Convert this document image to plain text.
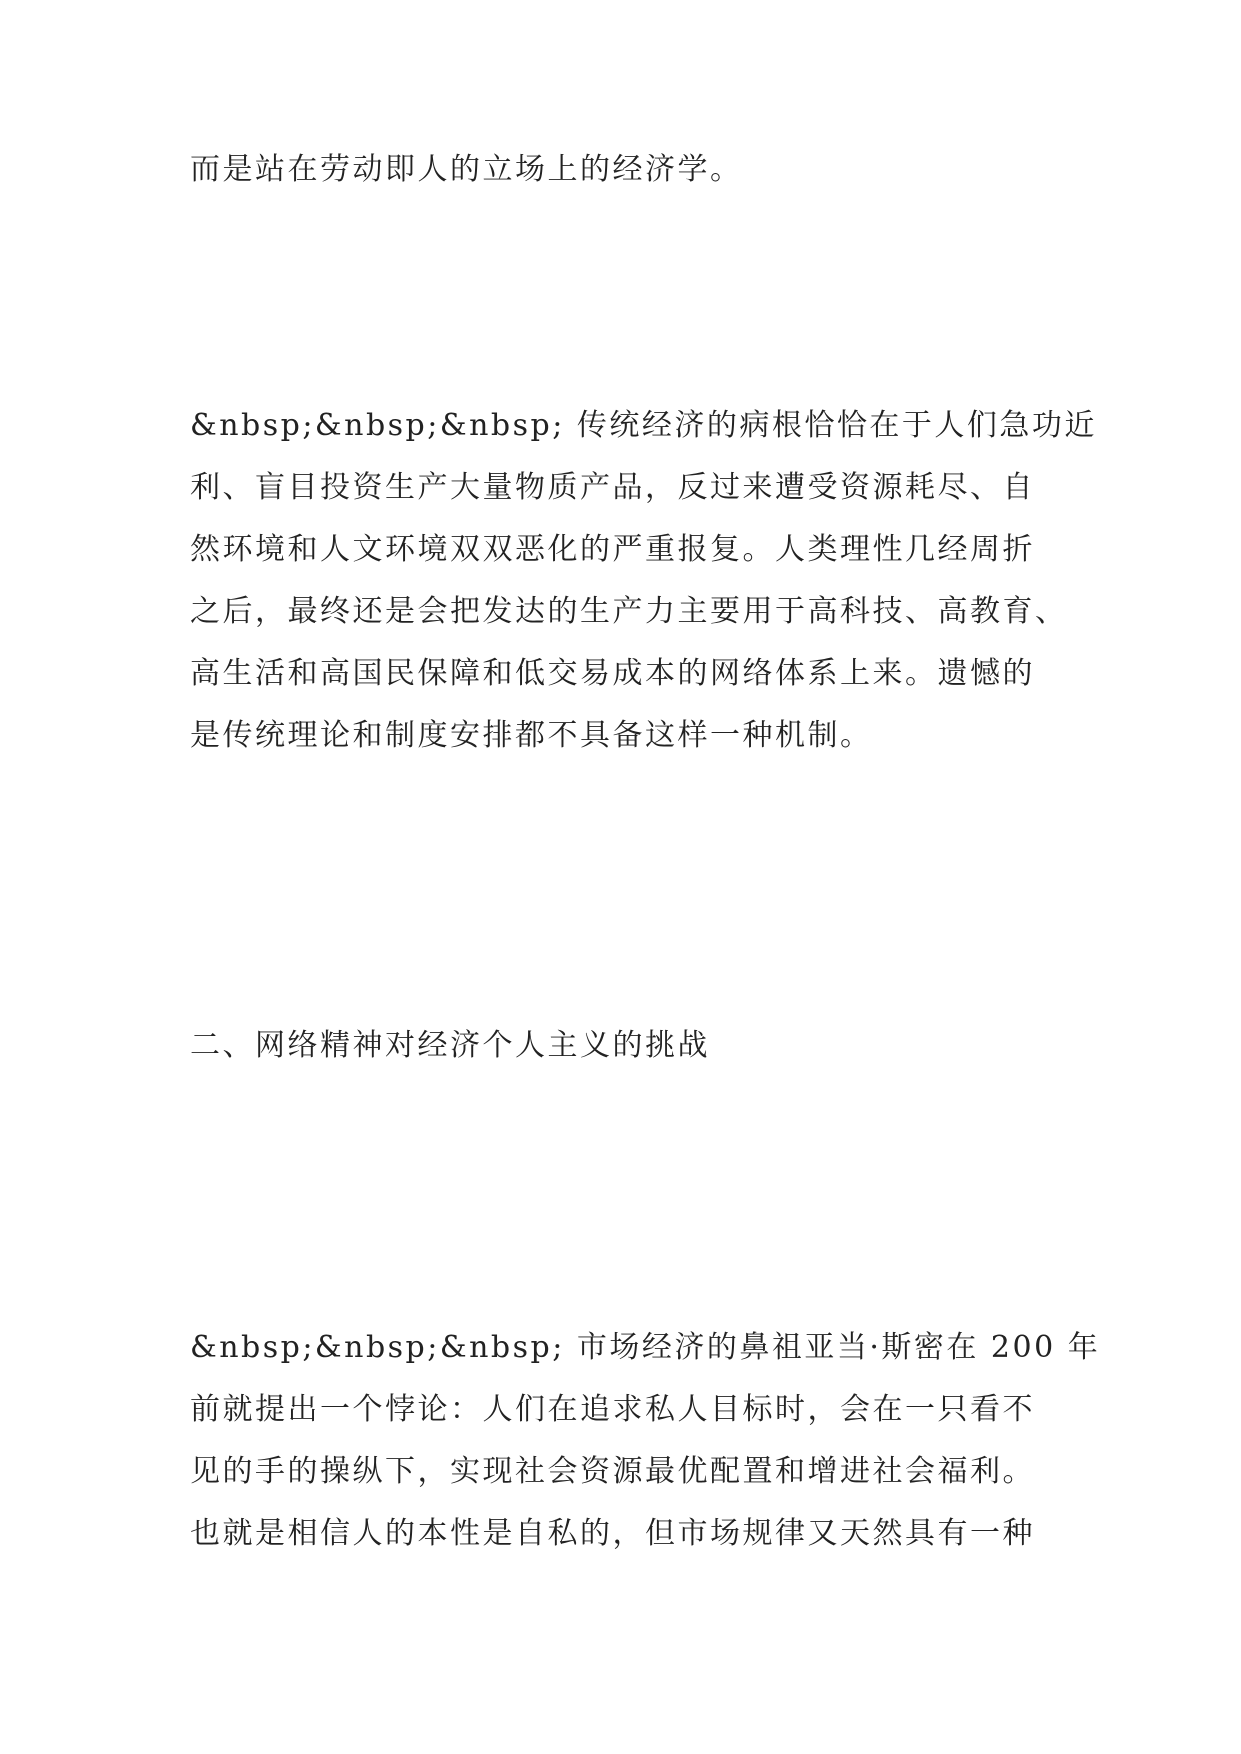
而是站在劳动即人的立场上的经济学。

&nbsp;&nbsp;&nbsp; 传统经济的病根恰恰在于人们急功近
利、盲目投资生产大量物质产品，反过来遭受资源耗尽、自
然环境和人文环境双双恶化的严重报复。人类理性几经周折
之后，最终还是会把发达的生产力主要用于高科技、高教育、
高生活和高国民保障和低交易成本的网络体系上来。遗憾的
是传统理论和制度安排都不具备这样一种机制。

二、网络精神对经济个人主义的挑战

&nbsp;&nbsp;&nbsp; 市场经济的鼻祖亚当·斯密在 200 年
前就提出一个悖论：人们在追求私人目标时，会在一只看不
见的手的操纵下，实现社会资源最优配置和增进社会福利。
也就是相信人的本性是自私的，但市场规律又天然具有一种
